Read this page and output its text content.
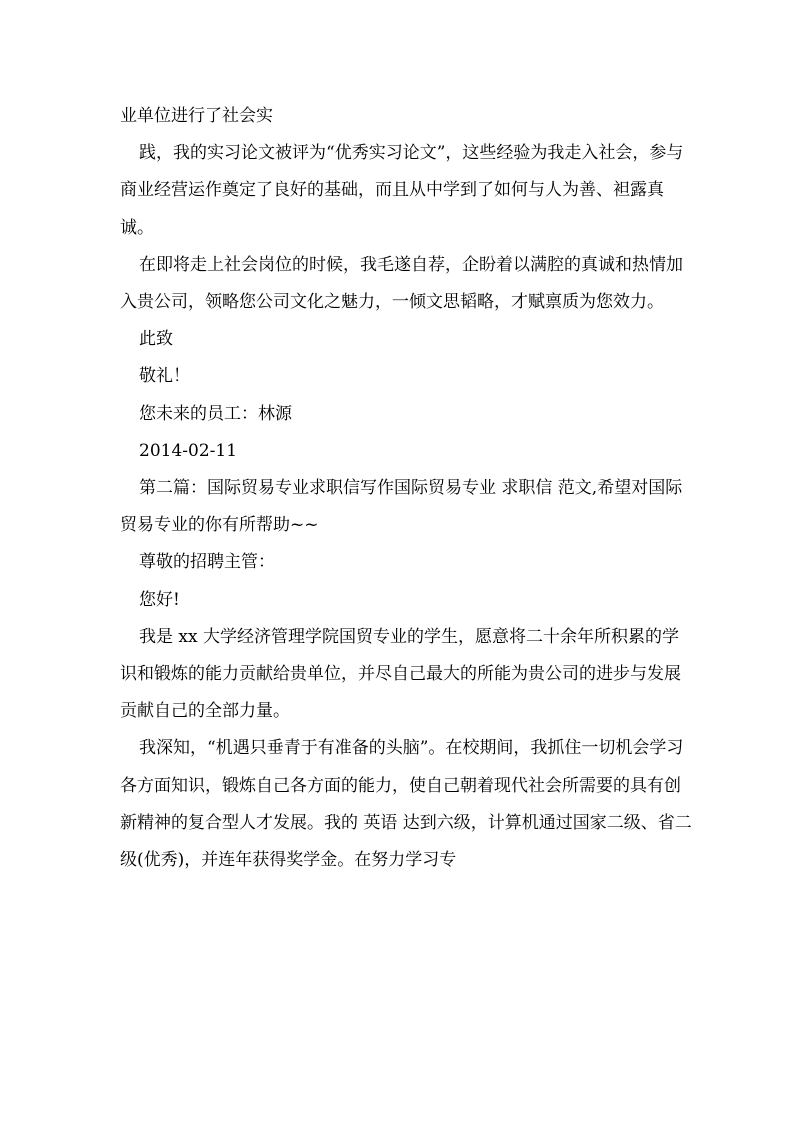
业单位进行了社会实

践，我的实习论文被评为“优秀实习论文”，这些经验为我走入社会，参与商业经营运作奠定了良好的基础，而且从中学到了如何与人为善、袒露真诚。

在即将走上社会岗位的时候，我毛遂自荐，企盼着以满腔的真诚和热情加入贵公司，领略您公司文化之魅力，一倾文思韬略，才赋禀质为您效力。

此致

敬礼！

您未来的员工：林源

2014-02-11

第二篇：国际贸易专业求职信写作国际贸易专业 求职信 范文,希望对国际贸易专业的你有所帮助~~

尊敬的招聘主管：

您好!

我是 xx 大学经济管理学院国贸专业的学生，愿意将二十余年所积累的学识和锻炼的能力贡献给贵单位，并尽自己最大的所能为贵公司的进步与发展贡献自己的全部力量。

我深知，“机遇只垂青于有准备的头脑”。在校期间，我抓住一切机会学习各方面知识，锻炼自己各方面的能力，使自己朝着现代社会所需要的具有创新精神的复合型人才发展。我的 英语 达到六级，计算机通过国家二级、省二级(优秀)，并连年获得奖学金。在努力学习专
